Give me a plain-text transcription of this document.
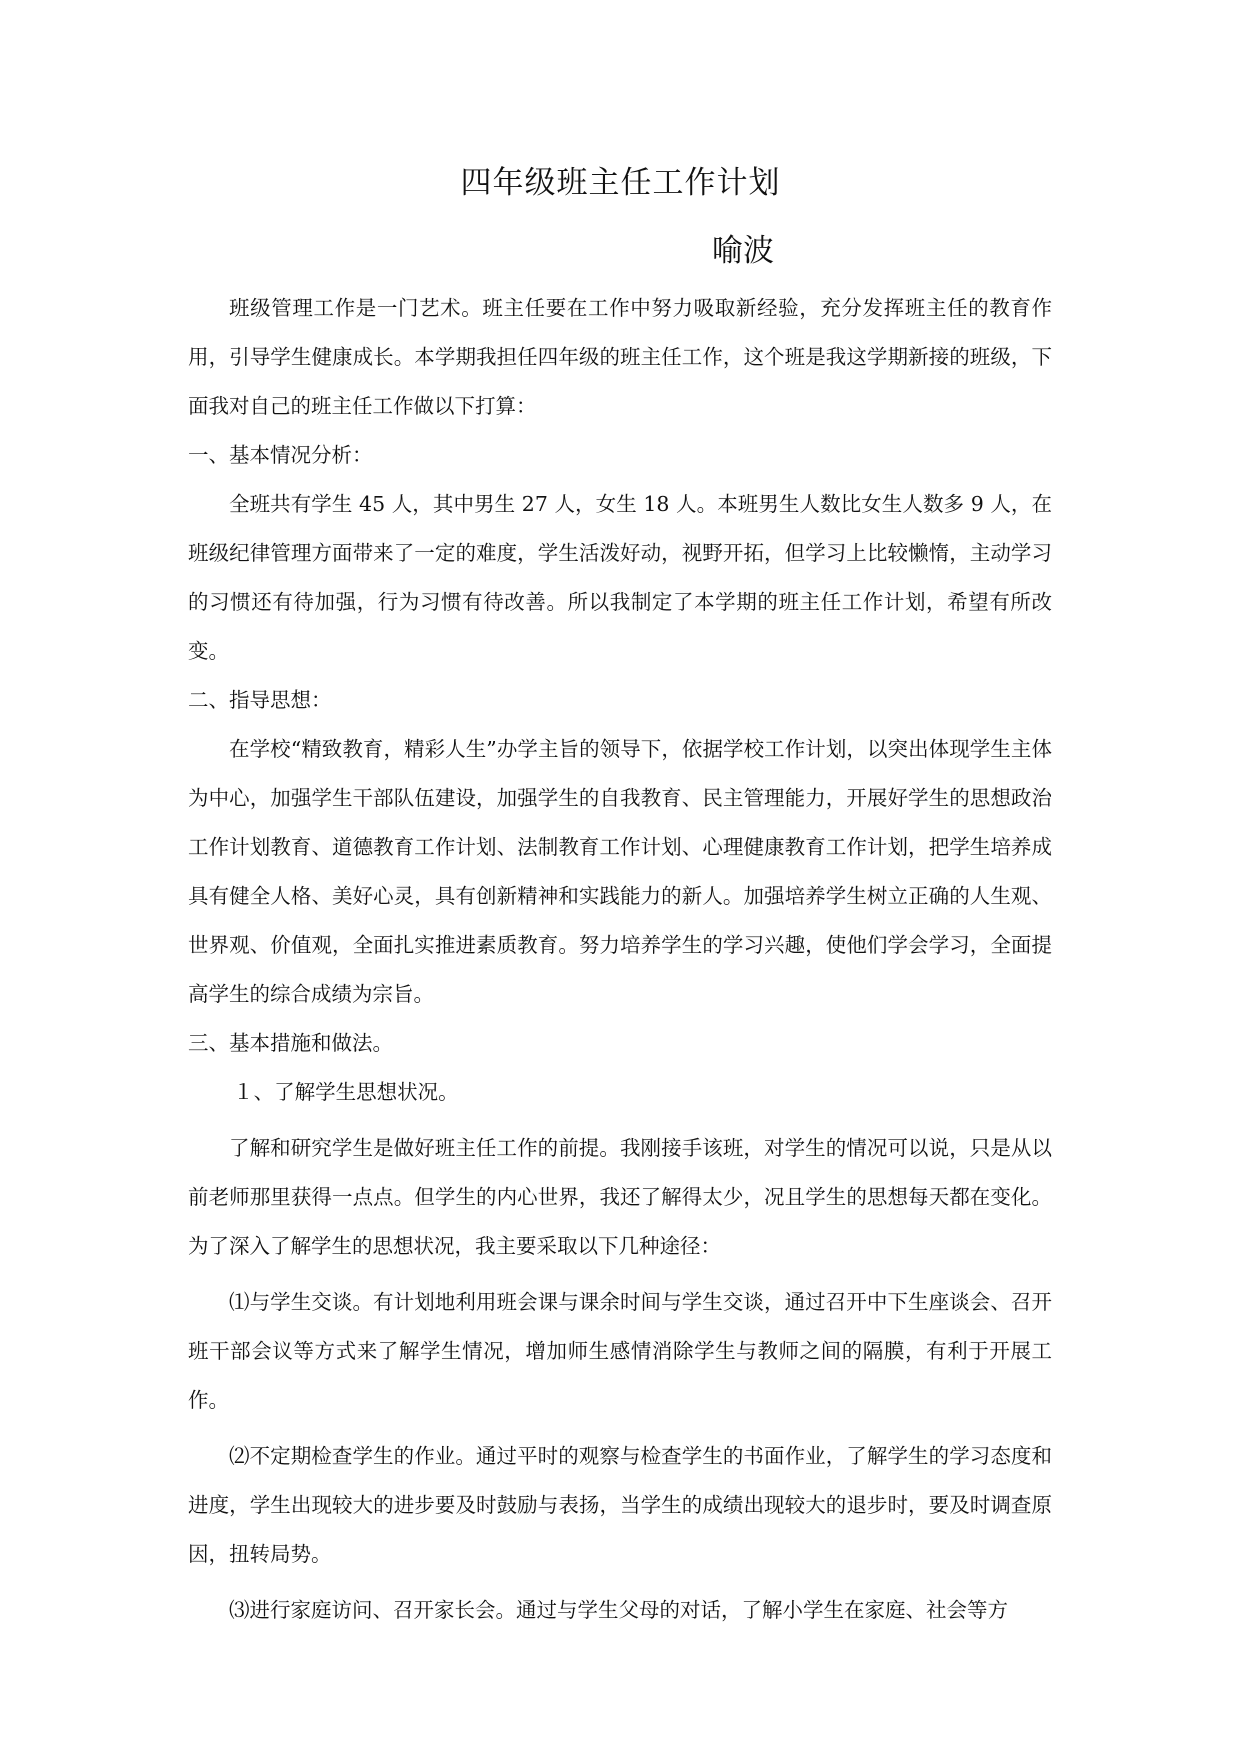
四年级班主任工作计划
喻波

班级管理工作是一门艺术。班主任要在工作中努力吸取新经验，充分发挥班主任的教育作用，引导学生健康成长。本学期我担任四年级的班主任工作，这个班是我这学期新接的班级，下面我对自己的班主任工作做以下打算：

一、基本情况分析：

全班共有学生 45 人，其中男生 27 人，女生 18 人。本班男生人数比女生人数多 9 人，在班级纪律管理方面带来了一定的难度，学生活泼好动，视野开拓，但学习上比较懒惰，主动学习的习惯还有待加强，行为习惯有待改善。所以我制定了本学期的班主任工作计划，希望有所改变。

二、指导思想：

在学校“精致教育，精彩人生”办学主旨的领导下，依据学校工作计划，以突出体现学生主体为中心，加强学生干部队伍建设，加强学生的自我教育、民主管理能力，开展好学生的思想政治工作计划教育、道德教育工作计划、法制教育工作计划、心理健康教育工作计划，把学生培养成具有健全人格、美好心灵，具有创新精神和实践能力的新人。加强培养学生树立正确的人生观、世界观、价值观，全面扎实推进素质教育。努力培养学生的学习兴趣，使他们学会学习，全面提高学生的综合成绩为宗旨。

三、基本措施和做法。

１、了解学生思想状况。

了解和研究学生是做好班主任工作的前提。我刚接手该班，对学生的情况可以说，只是从以前老师那里获得一点点。但学生的内心世界，我还了解得太少，况且学生的思想每天都在变化。为了深入了解学生的思想状况，我主要采取以下几种途径：

⑴与学生交谈。有计划地利用班会课与课余时间与学生交谈，通过召开中下生座谈会、召开班干部会议等方式来了解学生情况，增加师生感情消除学生与教师之间的隔膜，有利于开展工作。

⑵不定期检查学生的作业。通过平时的观察与检查学生的书面作业，了解学生的学习态度和进度，学生出现较大的进步要及时鼓励与表扬，当学生的成绩出现较大的退步时，要及时调查原因，扭转局势。

⑶进行家庭访问、召开家长会。通过与学生父母的对话，了解小学生在家庭、社会等方
